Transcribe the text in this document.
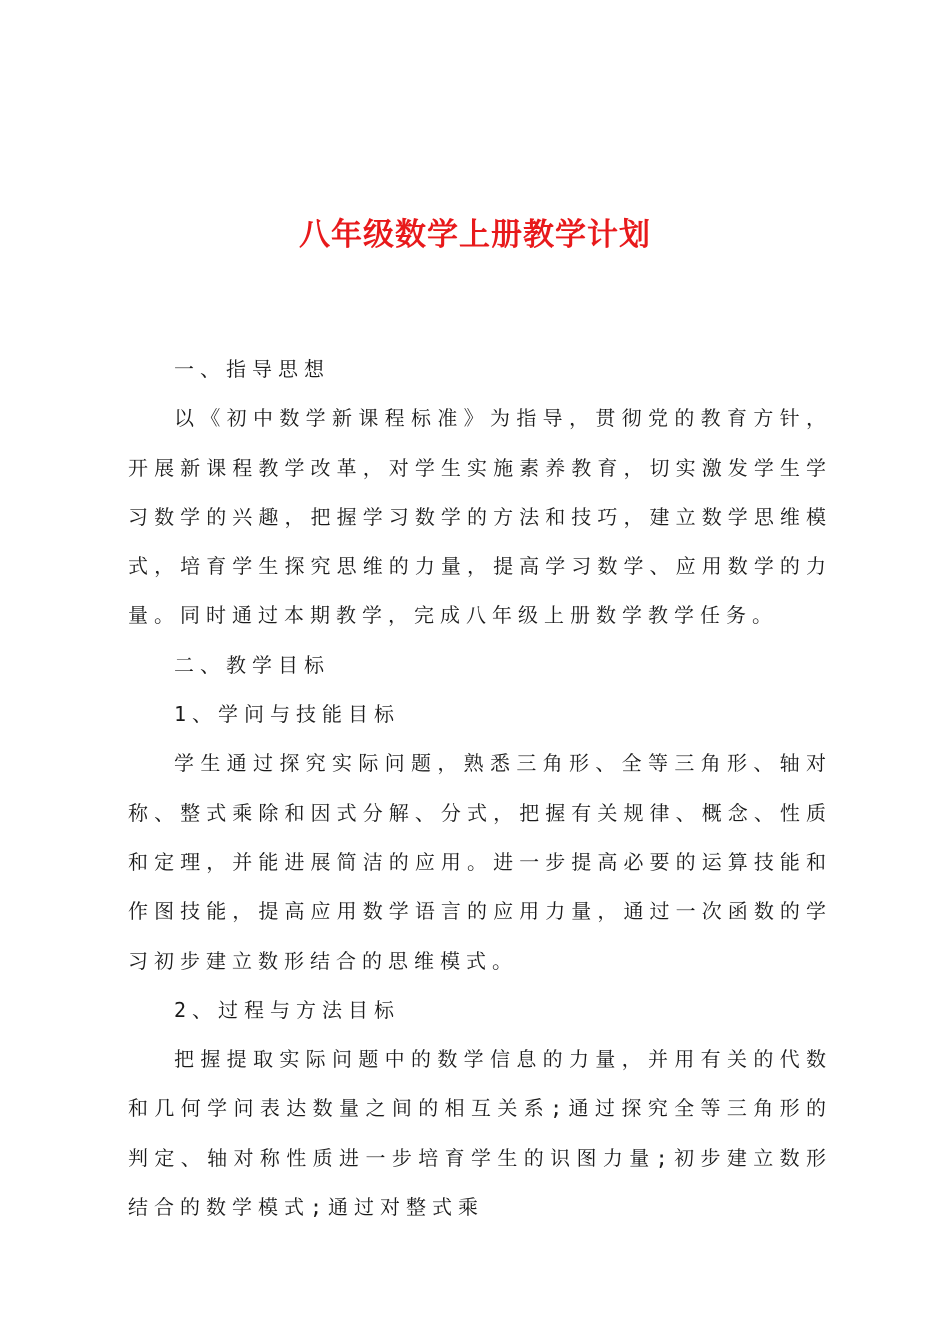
八年级数学上册教学计划

一、指导思想

以《初中数学新课程标准》为指导，贯彻党的教育方针，开展新课程教学改革，对学生实施素养教育，切实激发学生学习数学的兴趣，把握学习数学的方法和技巧，建立数学思维模式，培育学生探究思维的力量，提高学习数学、应用数学的力量。同时通过本期教学，完成八年级上册数学教学任务。

二、教学目标

1、学问与技能目标

学生通过探究实际问题，熟悉三角形、全等三角形、轴对称、整式乘除和因式分解、分式，把握有关规律、概念、性质和定理，并能进展简洁的应用。进一步提高必要的运算技能和作图技能，提高应用数学语言的应用力量，通过一次函数的学习初步建立数形结合的思维模式。

2、过程与方法目标

把握提取实际问题中的数学信息的力量，并用有关的代数和几何学问表达数量之间的相互关系;通过探究全等三角形的判定、轴对称性质进一步培育学生的识图力量;初步建立数形结合的数学模式;通过对整式乘
